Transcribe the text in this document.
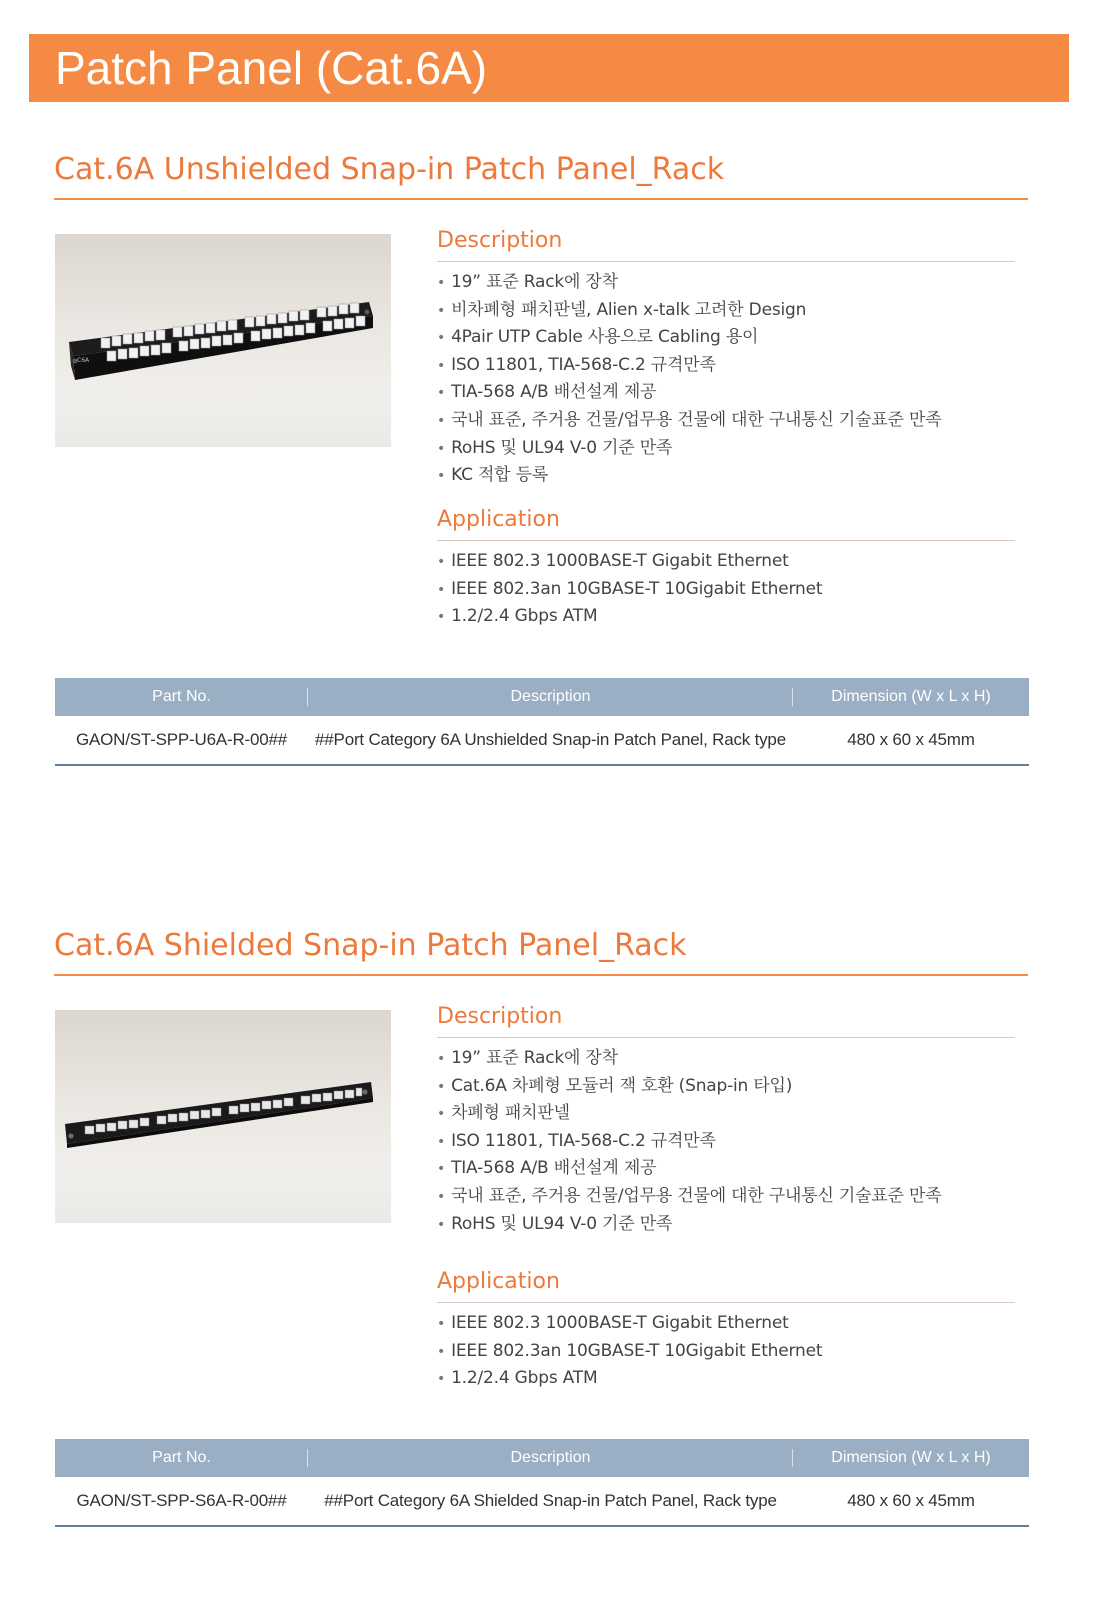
Patch Panel (Cat.6A)
Cat.6A Unshielded Snap-in Patch Panel_Rack
C6A
Description
• 19” 표준 Rack에 장착
• 비차폐형 패치판넬, Alien x-talk 고려한 Design
• 4Pair UTP Cable 사용으로 Cabling 용이
• ISO 11801, TIA-568-C.2 규격만족
• TIA-568 A/B 배선설계 제공
• 국내 표준, 주거용 건물/업무용 건물에 대한 구내통신 기술표준 만족
• RoHS 및 UL94 V-0 기준 만족
• KC 적합 등록
Application
• IEEE 802.3 1000BASE-T Gigabit Ethernet
• IEEE 802.3an 10GBASE-T 10Gigabit Ethernet
• 1.2/2.4 Gbps ATM
Part No.	Description	Dimension (W x L x H)
GAON/ST-SPP-U6A-R-00##	##Port Category 6A Unshielded Snap-in Patch Panel, Rack type	480 x 60 x 45mm
Cat.6A Shielded Snap-in Patch Panel_Rack
Description
• 19” 표준 Rack에 장착
• Cat.6A 차폐형 모듈러 잭 호환 (Snap-in 타입)
• 차폐형 패치판넬
• ISO 11801, TIA-568-C.2 규격만족
• TIA-568 A/B 배선설계 제공
• 국내 표준, 주거용 건물/업무용 건물에 대한 구내통신 기술표준 만족
• RoHS 및 UL94 V-0 기준 만족
Application
• IEEE 802.3 1000BASE-T Gigabit Ethernet
• IEEE 802.3an 10GBASE-T 10Gigabit Ethernet
• 1.2/2.4 Gbps ATM
Part No.	Description	Dimension (W x L x H)
GAON/ST-SPP-S6A-R-00##	##Port Category 6A Shielded Snap-in Patch Panel, Rack type	480 x 60 x 45mm
